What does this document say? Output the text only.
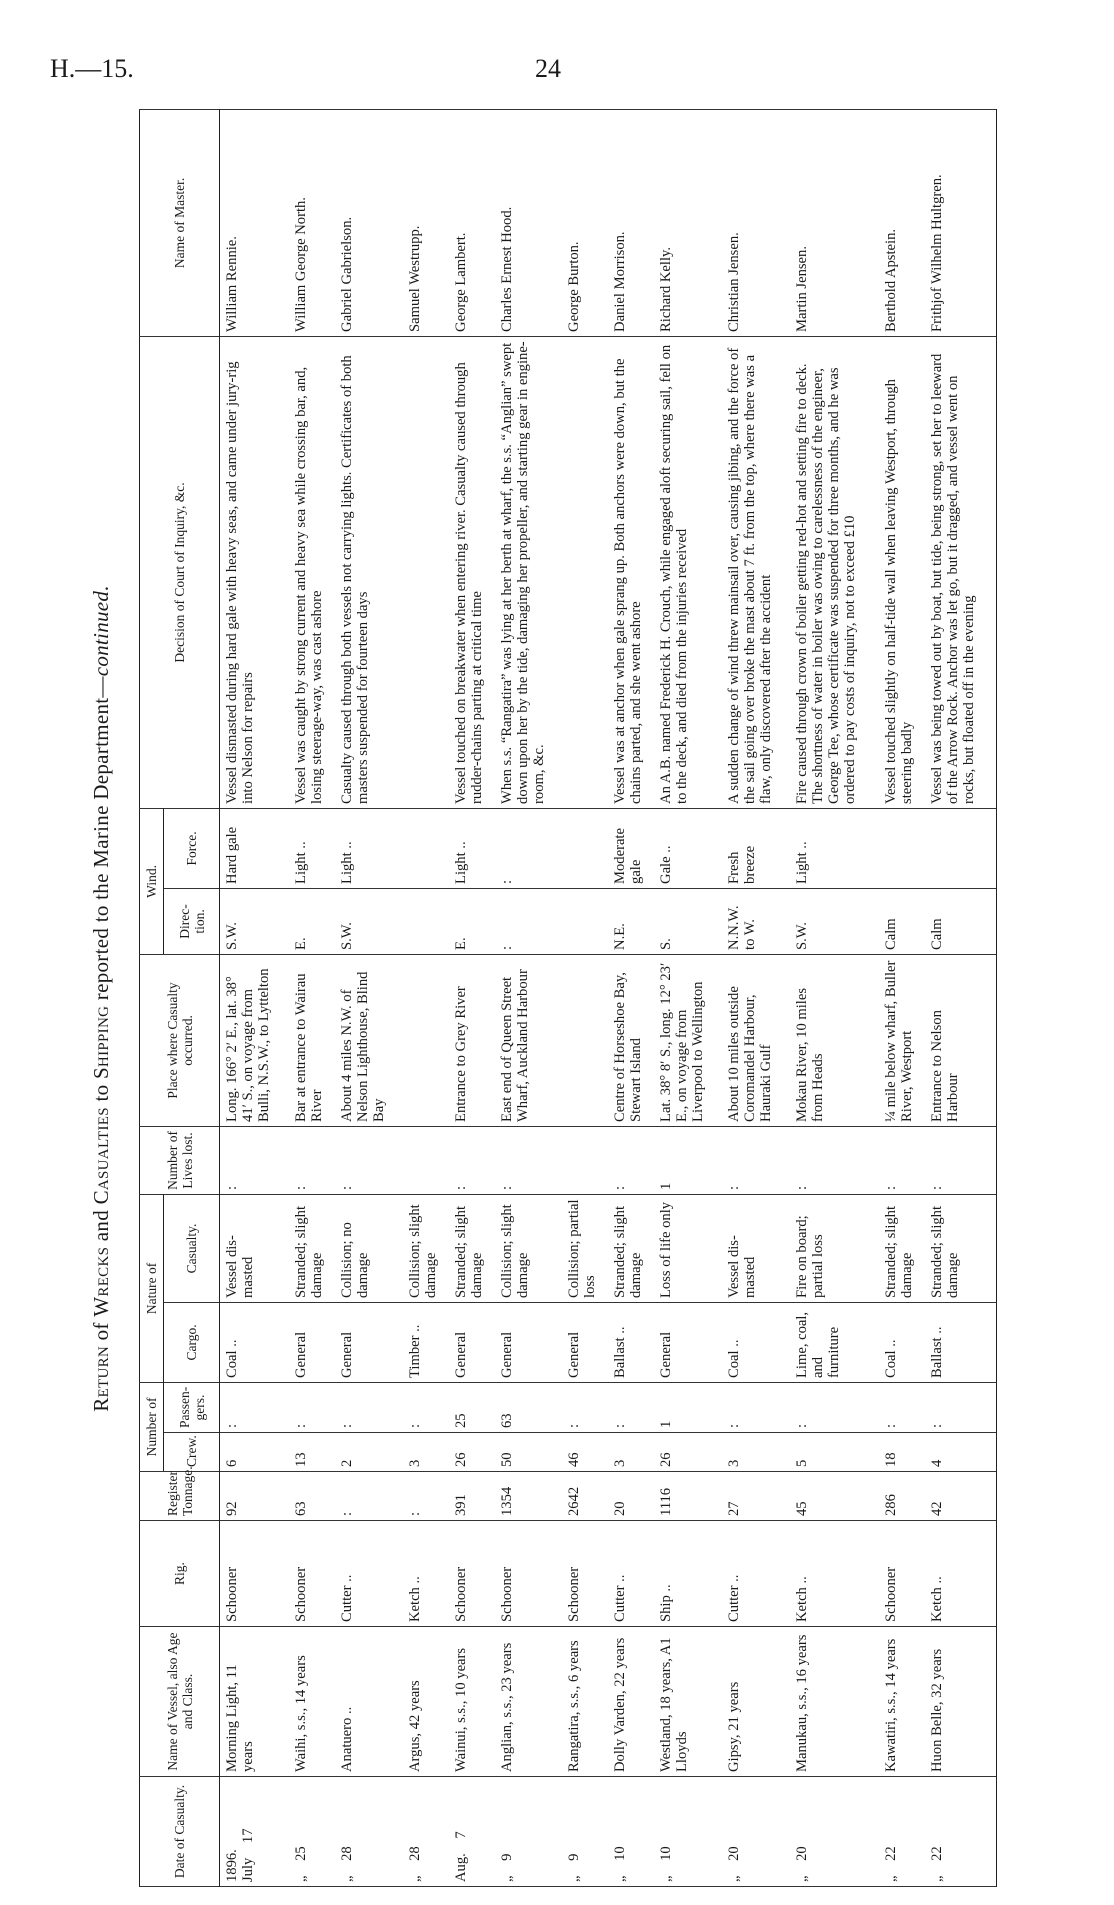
H.—15.	24
Return of Wrecks and Casualties to Shipping reported to the Marine Department—continued.
Date of Casualty.	Name of Vessel, also Age and Class.	Rig.	Register Tonnage.	Number of		Nature of		Number of Lives lost.	Place where Casualty occurred.	Wind.		Decision of Court of Inquiry, &c.	Name of Master.
				Crew.	Passen-gers.	Cargo.	Casualty.			Direc-tion.	Force.		

1896. July 17	Morning Light, 11 years	Schooner	92	6	:	Coal ..	Vessel dis-masted	:	Long. 166° 2′ E., lat. 38° 41′ S., on voyage from Bulli, N.S.W., to Lyttelton	S.W.	Hard gale	Vessel dismasted during hard gale with heavy seas, and came under jury-rig into Nelson for repairs	William Rennie.
„ 25	Waihi, s.s., 14 years	Schooner	63	13	:	General	Stranded; slight damage	:	Bar at entrance to Wairau River	E.	Light ..	Vessel was caught by strong current and heavy sea while crossing bar, and, losing steerage-way, was cast ashore	William George North.
„ 28	Anatuero ..	Cutter ..	:	2	:	General	Collision; no damage	:	About 4 miles N.W. of Nelson Lighthouse, Blind Bay	S.W.	Light ..	Casualty caused through both vessels not carrying lights. Certificates of both masters suspended for fourteen days	Gabriel Gabrielson.
„ 28	Argus, 42 years	Ketch ..	:	3	:	Timber ..	Collision; slight damage						Samuel Westrupp.
Aug. 7	Wainui, s.s., 10 years	Schooner	391	26	25	General	Stranded; slight damage	:	Entrance to Grey River	E.	Light ..	Vessel touched on breakwater when entering river. Casualty caused through rudder-chains parting at critical time	George Lambert.
„ 9	Anglian, s.s., 23 years	Schooner	1354	50	63	General	Collision; slight damage	:	East end of Queen Street Wharf, Auckland Harbour	:	:	When s.s. “Rangatira” was lying at her berth at wharf, the s.s. “Anglian” swept down upon her by the tide, damaging her propeller, and starting gear in engine-room, &c.	Charles Ernest Hood.
„ 9	Rangatira, s.s., 6 years	Schooner	2642	46	:	General	Collision; partial loss						George Burton.
„ 10	Dolly Varden, 22 years	Cutter ..	20	3	:	Ballast ..	Stranded; slight damage	:	Centre of Horseshoe Bay, Stewart Island	N.E.	Moderate gale	Vessel was at anchor when gale sprang up. Both anchors were down, but the chains parted, and she went ashore	Daniel Morrison.
„ 10	Westland, 18 years, A1 Lloyds	Ship ..	1116	26	1	General	Loss of life only	1	Lat. 38° 8′ S., long. 12° 23′ E., on voyage from Liverpool to Wellington	S.	Gale ..	An A.B. named Frederick H. Crouch, while engaged aloft securing sail, fell on to the deck, and died from the injuries received	Richard Kelly.
„ 20	Gipsy, 21 years	Cutter ..	27	3	:	Coal ..	Vessel dis-masted	:	About 10 miles outside Coromandel Harbour, Hauraki Gulf	N.N.W. to W.	Fresh breeze	A sudden change of wind threw mainsail over, causing jibing, and the force of the sail going over broke the mast about 7 ft. from the top, where there was a flaw, only discovered after the accident	Christian Jensen.
„ 20	Manukau, s.s., 16 years	Ketch ..	45	5	:	Lime, coal, and furniture	Fire on board; partial loss	:	Mokau River, 10 miles from Heads	S.W.	Light ..	Fire caused through crown of boiler getting red-hot and setting fire to deck. The shortness of water in boiler was owing to carelessness of the engineer, George Tee, whose certificate was suspended for three months, and he was ordered to pay costs of inquiry, not to exceed £10	Martin Jensen.
„ 22	Kawatiri, s.s., 14 years	Schooner	286	18	:	Coal ..	Stranded; slight damage	:	¼ mile below wharf, Buller River, Westport	Calm		Vessel touched slightly on half-tide wall when leaving Westport, through steering badly	Berthold Apstein.
„ 22	Huon Belle, 32 years	Ketch ..	42	4	:	Ballast ..	Stranded; slight damage	:	Entrance to Nelson Harbour	Calm		Vessel was being towed out by boat, but tide, being strong, set her to leeward of the Arrow Rock. Anchor was let go, but it dragged, and vessel went on rocks, but floated off in the evening	Frithjof Wilhelm Hultgren.
